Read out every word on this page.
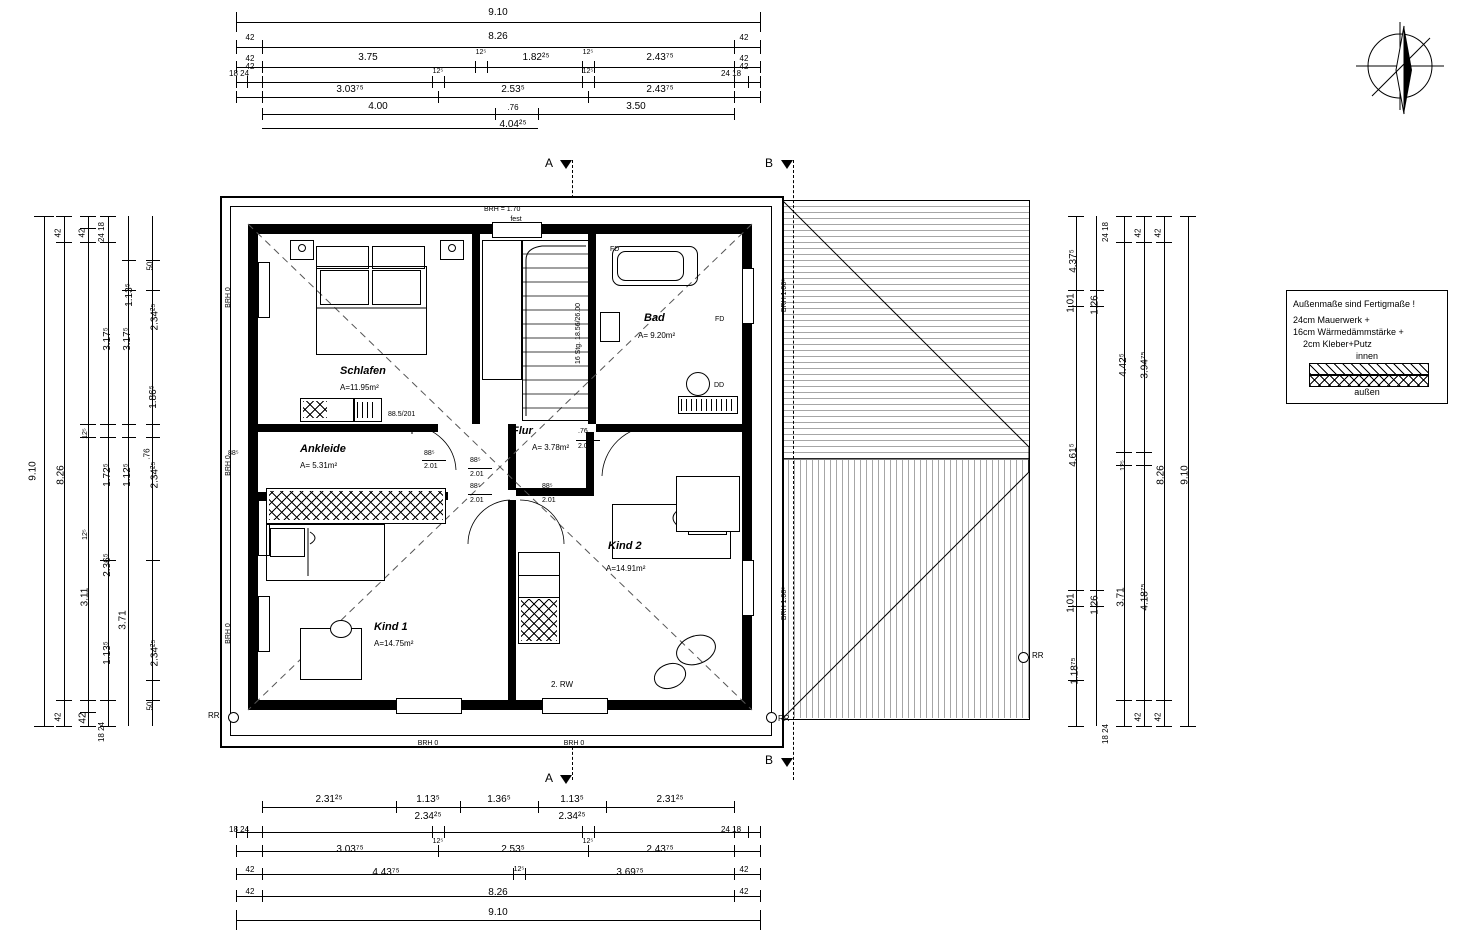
9.10
42	8.26	42
42	3.75	12⁵	1.82²⁵	12⁵	2.43⁷⁵	42
18 24	12⁵	12⁵	24 18
42	42
3.03⁷⁵	2.53⁵	2.43⁷⁵
4.00	.76	3.50
4.04²⁵
Außenmaße sind Fertigmaße !
24cm Mauerwerk +
16cm Wärmedämmstärke +
2cm Kleber+Putz
innen
außen
9.10
42
8.26
42
42
12⁵
3.11
12⁵
42
18 24
24 18
3.17⁵
1.72⁵
2.36⁵
1.13⁵
3.71
1.13⁵
3.17⁵
1.12⁵
50
2.34²⁵
1.86⁵
.76
2.34²⁵
2.34²⁵
50
4.37⁵
1.01
4.61⁵
1.01
1.18⁷⁵
1.26
1.26
4.42⁵
12⁵
3.71
24 18
18 24
3.94⁷⁵
4.18⁷⁵
42
42
8.26
42
42
9.10
A
A
B
B
RR
Schlafen
A=11.95m²
Ankleide
A= 5.31m²
Bad
A= 9.20m²
Flur
A= 3.78m²
Kind 1
A=14.75m²
Kind 2
A=14.91m²
16 Stg. 18.56/26.00
88.5/201
88⁵	88⁵
2.01
88⁵
2.01
88⁵
2.01
88⁵
2.01
.76
2.01
BRH = 1.70
fest
BRH 0	BRH 0
BRH 0
BRH 0
BRH 0
BRH 1.08⁵
BRH 1.08⁵
2. RW
FD
FD
DD
RR	RR
2.31²⁵	1.13⁵	1.36⁵	1.13⁵	2.31²⁵
2.34²⁵	2.34²⁵
18 24
12⁵	12⁵
24 18
3.03⁷⁵	2.53⁵	2.43⁷⁵
42	4.43⁷⁵	12⁵	3.69⁷⁵	42
42	8.26	42
9.10
